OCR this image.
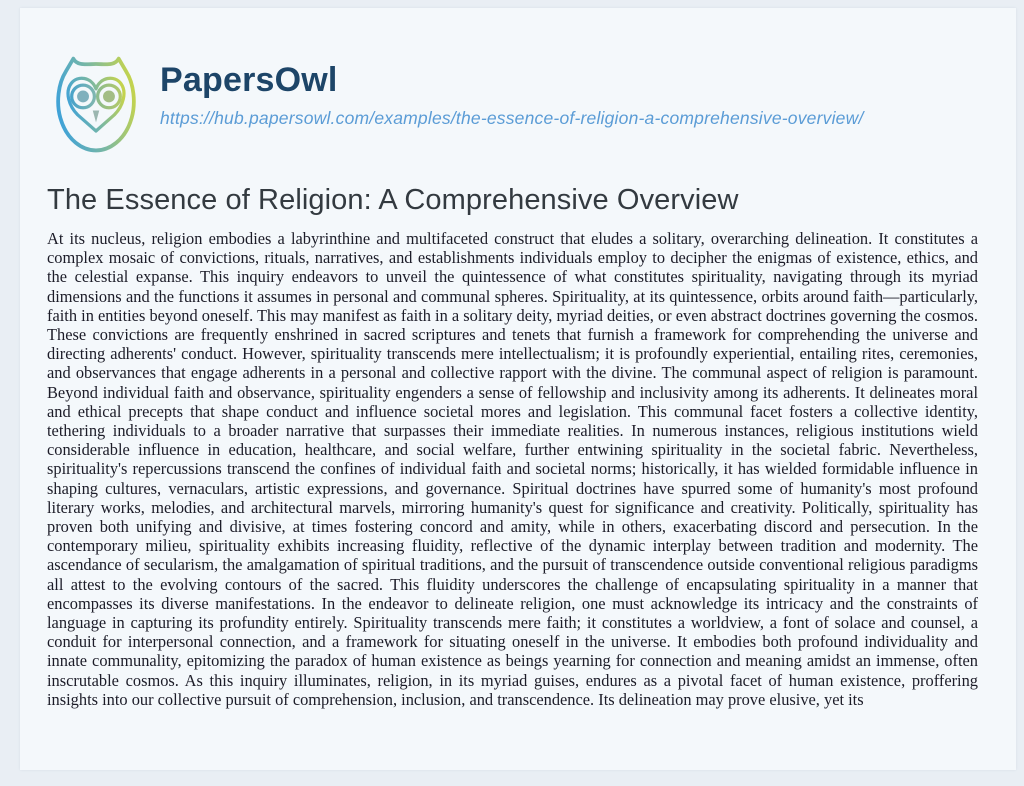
PapersOwl
https://hub.papersowl.com/examples/the-essence-of-religion-a-comprehensive-overview/
The Essence of Religion: A Comprehensive Overview

At its nucleus, religion embodies a labyrinthine and multifaceted construct that eludes a solitary, overarching delineation. It constitutes a complex mosaic of convictions, rituals, narratives, and establishments individuals employ to decipher the enigmas of existence, ethics, and the celestial expanse. This inquiry endeavors to unveil the quintessence of what constitutes spirituality, navigating through its myriad dimensions and the functions it assumes in personal and communal spheres. Spirituality, at its quintessence, orbits around faith—particularly, faith in entities beyond oneself. This may manifest as faith in a solitary deity, myriad deities, or even abstract doctrines governing the cosmos. These convictions are frequently enshrined in sacred scriptures and tenets that furnish a framework for comprehending the universe and directing adherents' conduct. However, spirituality transcends mere intellectualism; it is profoundly experiential, entailing rites, ceremonies, and observances that engage adherents in a personal and collective rapport with the divine. The communal aspect of religion is paramount. Beyond individual faith and observance, spirituality engenders a sense of fellowship and inclusivity among its adherents. It delineates moral and ethical precepts that shape conduct and influence societal mores and legislation. This communal facet fosters a collective identity, tethering individuals to a broader narrative that surpasses their immediate realities. In numerous instances, religious institutions wield considerable influence in education, healthcare, and social welfare, further entwining spirituality in the societal fabric. Nevertheless, spirituality's repercussions transcend the confines of individual faith and societal norms; historically, it has wielded formidable influence in shaping cultures, vernaculars, artistic expressions, and governance. Spiritual doctrines have spurred some of humanity's most profound literary works, melodies, and architectural marvels, mirroring humanity's quest for significance and creativity. Politically, spirituality has proven both unifying and divisive, at times fostering concord and amity, while in others, exacerbating discord and persecution. In the contemporary milieu, spirituality exhibits increasing fluidity, reflective of the dynamic interplay between tradition and modernity. The ascendance of secularism, the amalgamation of spiritual traditions, and the pursuit of transcendence outside conventional religious paradigms all attest to the evolving contours of the sacred. This fluidity underscores the challenge of encapsulating spirituality in a manner that encompasses its diverse manifestations. In the endeavor to delineate religion, one must acknowledge its intricacy and the constraints of language in capturing its profundity entirely. Spirituality transcends mere faith; it constitutes a worldview, a font of solace and counsel, a conduit for interpersonal connection, and a framework for situating oneself in the universe. It embodies both profound individuality and innate communality, epitomizing the paradox of human existence as beings yearning for connection and meaning amidst an immense, often inscrutable cosmos. As this inquiry illuminates, religion, in its myriad guises, endures as a pivotal facet of human existence, proffering insights into our collective pursuit of comprehension, inclusion, and transcendence. Its delineation may prove elusive, yet its
